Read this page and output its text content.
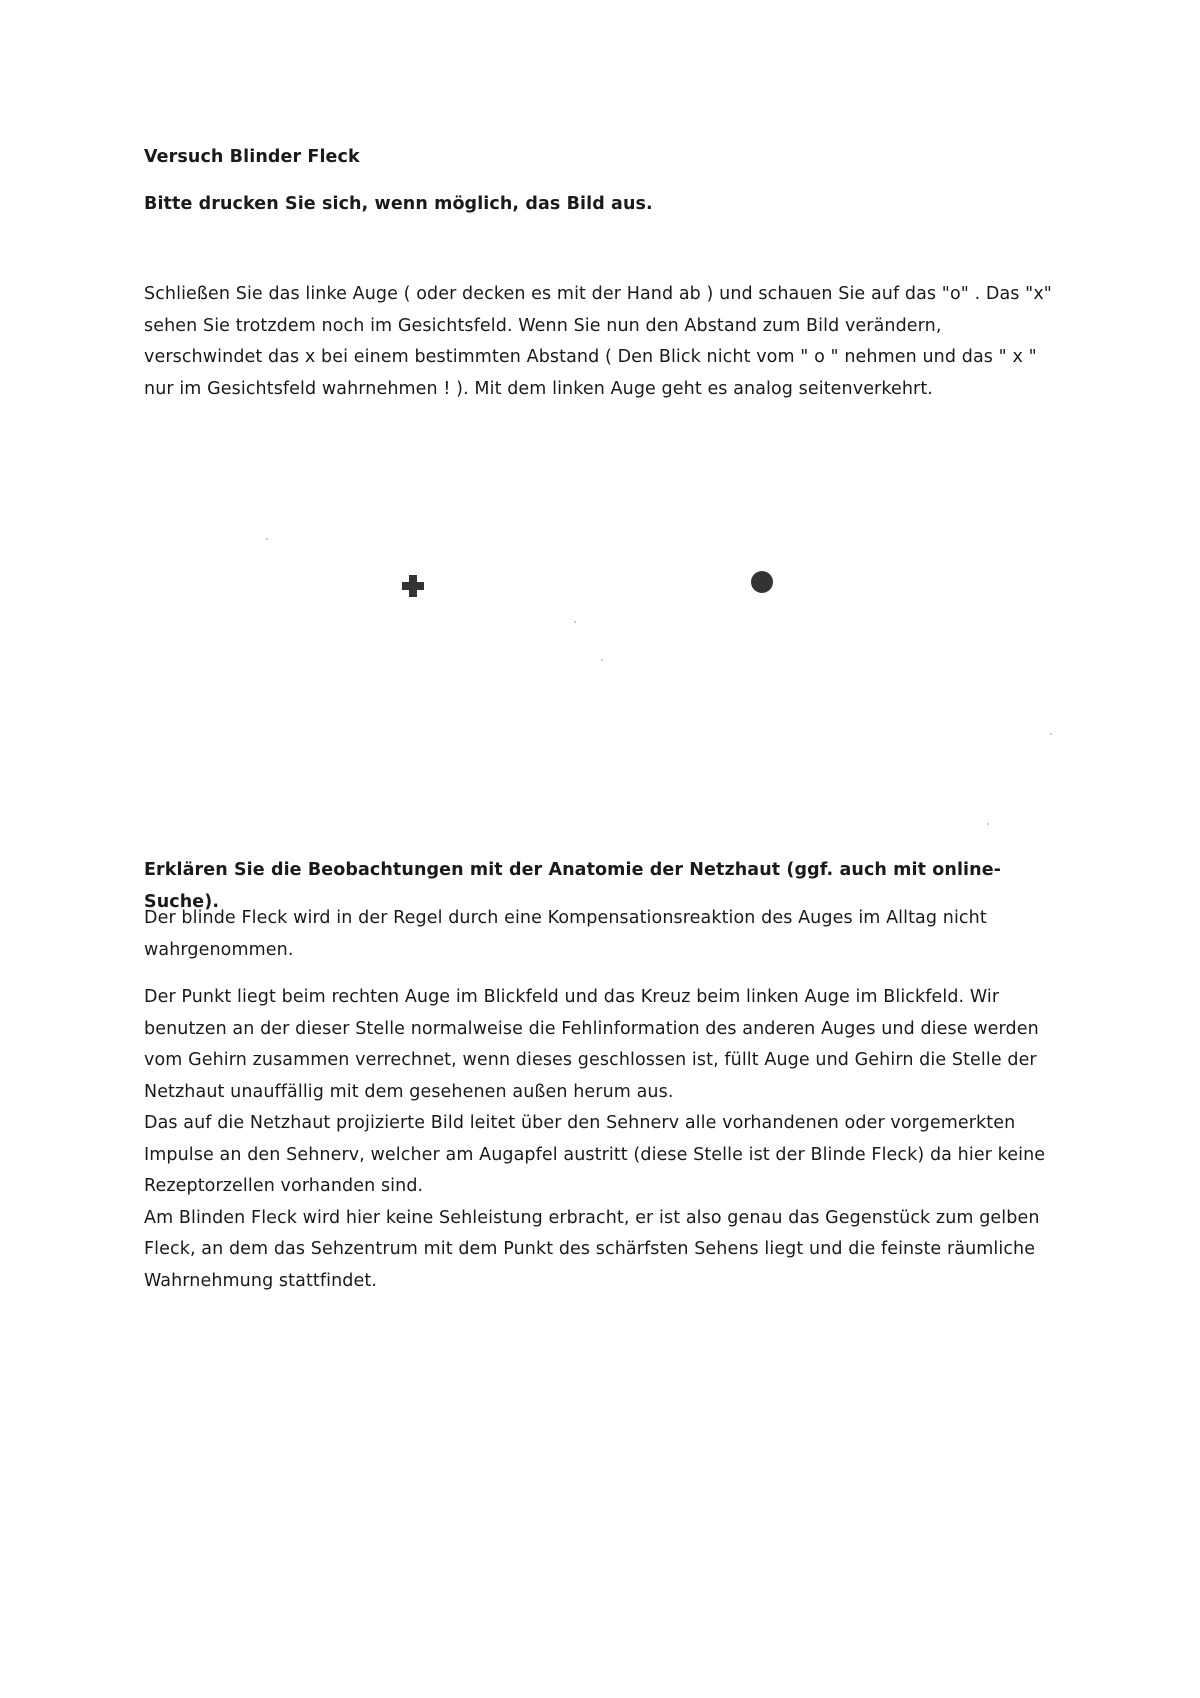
Versuch Blinder Fleck

Bitte drucken Sie sich, wenn möglich, das Bild aus.

Schließen Sie das linke Auge ( oder decken es mit der Hand ab ) und schauen Sie auf das "o" . Das "x"
sehen Sie trotzdem noch im Gesichtsfeld. Wenn Sie nun den Abstand zum Bild verändern,
verschwindet das x bei einem bestimmten Abstand ( Den Blick nicht vom " o " nehmen und das " x "
nur im Gesichtsfeld wahrnehmen ! ). Mit dem linken Auge geht es analog seitenverkehrt.

Erklären Sie die Beobachtungen mit der Anatomie der Netzhaut (ggf. auch mit online-Suche).

Der blinde Fleck wird in der Regel durch eine Kompensationsreaktion des Auges im Alltag nicht
wahrgenommen.
Der Punkt liegt beim rechten Auge im Blickfeld und das Kreuz beim linken Auge im Blickfeld. Wir
benutzen an der dieser Stelle normalweise die Fehlinformation des anderen Auges und diese werden
vom Gehirn zusammen verrechnet, wenn dieses geschlossen ist, füllt Auge und Gehirn die Stelle der
Netzhaut unauffällig mit dem gesehenen außen herum aus.
Das auf die Netzhaut projizierte Bild leitet über den Sehnerv alle vorhandenen oder vorgemerkten
Impulse an den Sehnerv, welcher am Augapfel austritt (diese Stelle ist der Blinde Fleck) da hier keine
Rezeptorzellen vorhanden sind.
Am Blinden Fleck wird hier keine Sehleistung erbracht, er ist also genau das Gegenstück zum gelben
Fleck, an dem das Sehzentrum mit dem Punkt des schärfsten Sehens liegt und die feinste räumliche
Wahrnehmung stattfindet.
